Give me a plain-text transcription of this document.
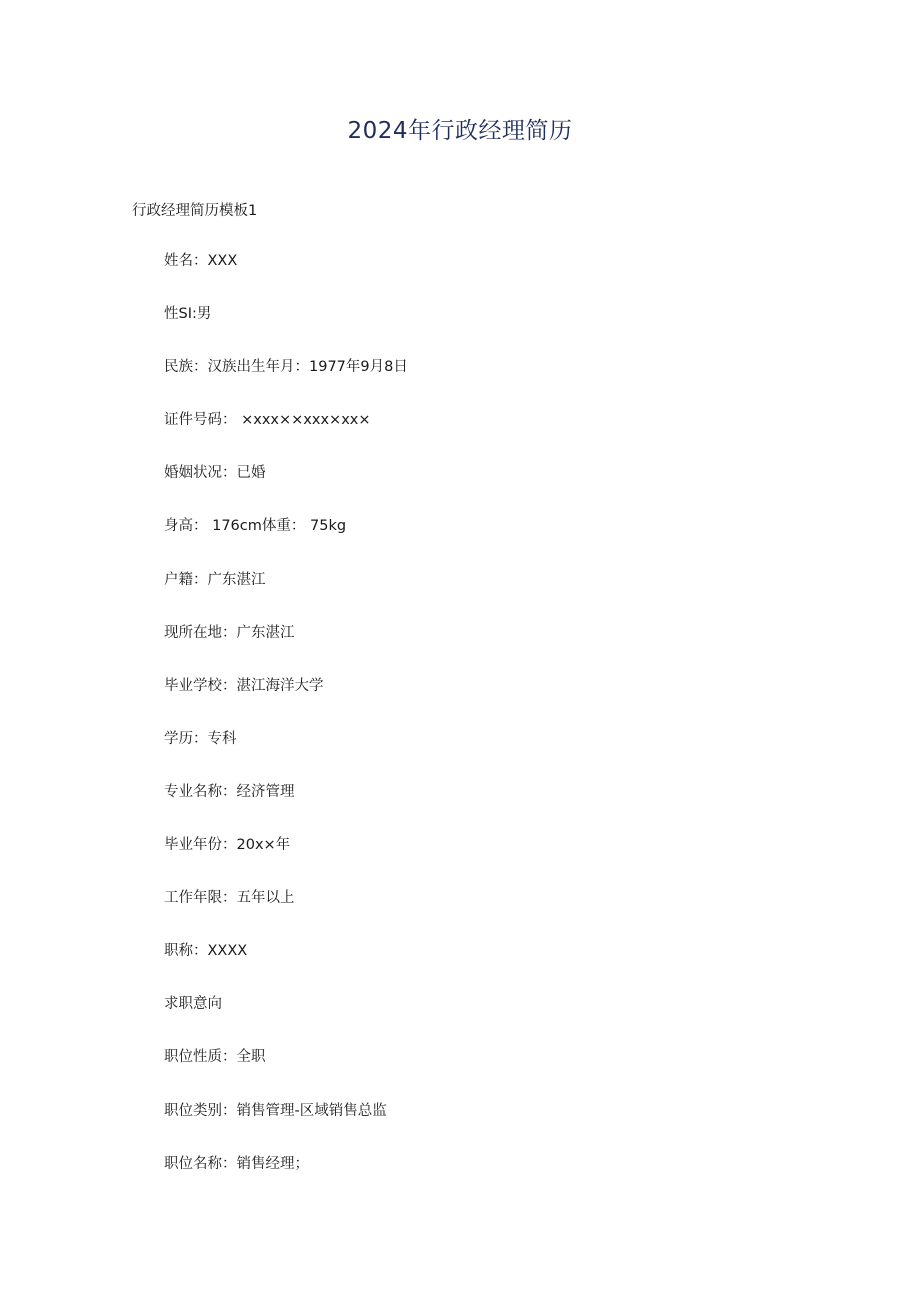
2024年行政经理简历
行政经理简历模板1
姓名：XXX
性SI:男
民族：汉族出生年月：1977年9月8日
证件号码： ×xxx××xxx×xx×
婚姻状况：已婚
身高： 176cm体重： 75kg
户籍：广东湛江
现所在地：广东湛江
毕业学校：湛江海洋大学
学历：专科
专业名称：经济管理
毕业年份：20x×年
工作年限：五年以上
职称：XXXX
求职意向
职位性质：全职
职位类别：销售管理-区域销售总监
职位名称：销售经理；
